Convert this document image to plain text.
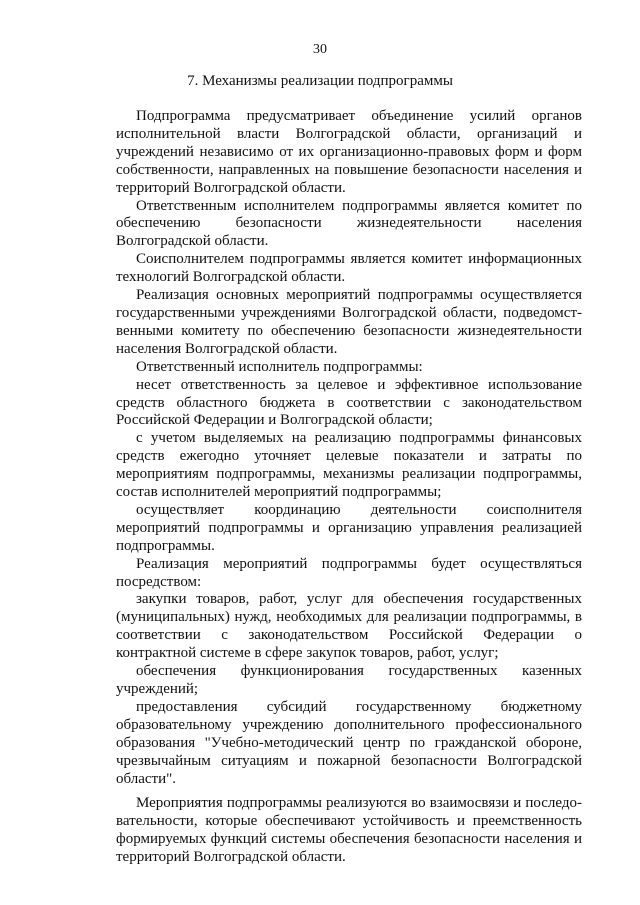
30
7. Механизмы реализации подпрограммы

Подпрограмма предусматривает объединение усилий органов исполнительной власти Волгоградской области, организаций и учреждений независимо от их организационно-правовых форм и форм собственности, направленных на повышение безопасности населения и территорий Волгоградской области.

Ответственным исполнителем подпрограммы является комитет по обеспечению безопасности жизнедеятельности населения Волгоградской области.

Соисполнителем подпрограммы является комитет информационных технологий Волгоградской области.

Реализация основных мероприятий подпрограммы осуществляется государственными учреждениями Волгоградской области, подведомственными комитету по обеспечению безопасности жизнедеятельности населения Волгоградской области.

Ответственный исполнитель подпрограммы:

несет ответственность за целевое и эффективное использование средств областного бюджета в соответствии с законодательством Российской Федерации и Волгоградской области;

с учетом выделяемых на реализацию подпрограммы финансовых средств ежегодно уточняет целевые показатели и затраты по мероприятиям подпрограммы, механизмы реализации подпрограммы, состав исполнителей мероприятий подпрограммы;

осуществляет координацию деятельности соисполнителя мероприятий подпрограммы и организацию управления реализацией подпрограммы.

Реализация мероприятий подпрограммы будет осуществляться посредством:

закупки товаров, работ, услуг для обеспечения государственных (муниципальных) нужд, необходимых для реализации подпрограммы, в соответствии с законодательством Российской Федерации о контрактной системе в сфере закупок товаров, работ, услуг;

обеспечения функционирования государственных казенных учреждений;

предоставления субсидий государственному бюджетному образовательному учреждению дополнительного профессионального образования "Учебно-методический центр по гражданской обороне, чрезвычайным ситуациям и пожарной безопасности Волгоградской области".

Мероприятия подпрограммы реализуются во взаимосвязи и последовательности, которые обеспечивают устойчивость и преемственность формируемых функций системы обеспечения безопасности населения и территорий Волгоградской области.
